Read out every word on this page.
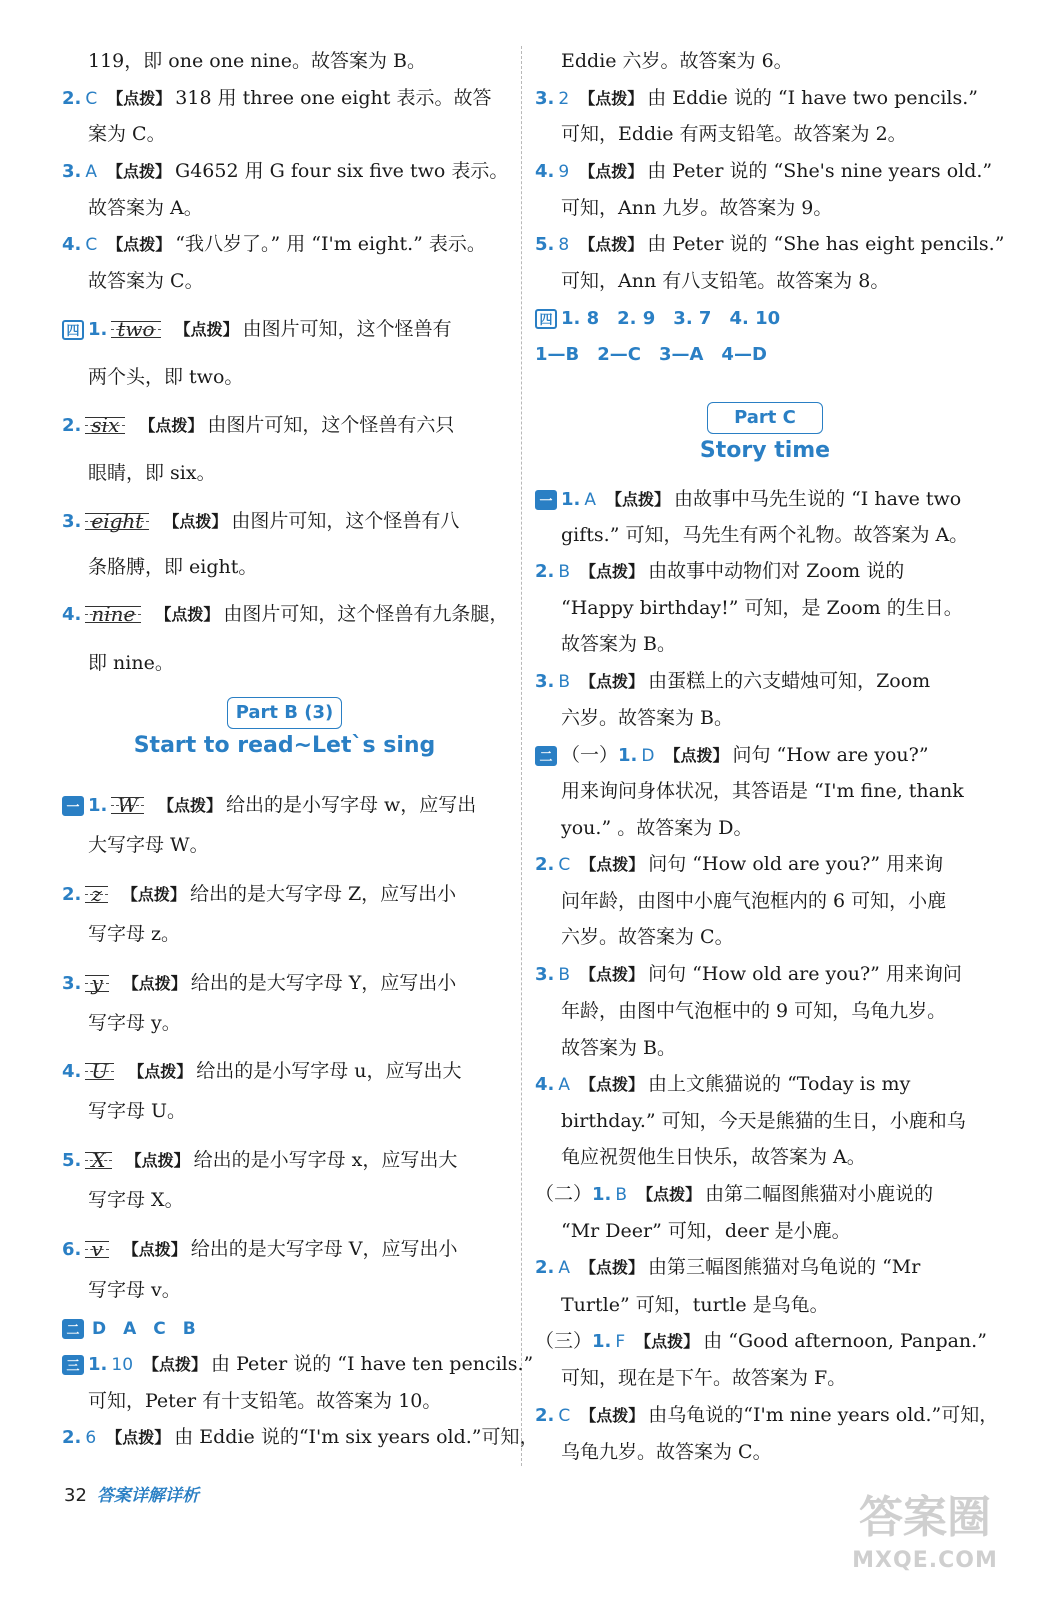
119，即 one one nine。故答案为 B。
2. C 【点拨】 318 用 three one eight 表示。故答
案为 C。
3. A 【点拨】 G4652 用 G four six five two 表示。
故答案为 A。
4. C 【点拨】 “我八岁了。” 用 “I'm eight.” 表示。
故答案为 C。
四 1. two 【点拨】 由图片可知，这个怪兽有
两个头，即 two。
2. six 【点拨】 由图片可知，这个怪兽有六只
眼睛，即 six。
3. eight 【点拨】 由图片可知，这个怪兽有八
条胳膊，即 eight。
4. nine 【点拨】 由图片可知，这个怪兽有九条腿，
即 nine。
Part B (3)
Start to read~Let`s sing
一 1. W 【点拨】 给出的是小写字母 w，应写出
大写字母 W。
2. z 【点拨】 给出的是大写字母 Z，应写出小
写字母 z。
3. y 【点拨】 给出的是大写字母 Y，应写出小
写字母 y。
4. U 【点拨】 给出的是小写字母 u，应写出大
写字母 U。
5. X 【点拨】 给出的是小写字母 x，应写出大
写字母 X。
6. v 【点拨】 给出的是大写字母 V，应写出小
写字母 v。
二 D　A　C　B
三 1. 10 【点拨】 由 Peter 说的 “I have ten pencils.”
可知，Peter 有十支铅笔。故答案为 10。
2. 6 【点拨】 由 Eddie 说的“I'm six years old.”可知，
Eddie 六岁。故答案为 6。
3. 2 【点拨】 由 Eddie 说的 “I have two pencils.”
可知，Eddie 有两支铅笔。故答案为 2。
4. 9 【点拨】 由 Peter 说的 “She's nine years old.”
可知，Ann 九岁。故答案为 9。
5. 8 【点拨】 由 Peter 说的 “She has eight pencils.”
可知，Ann 有八支铅笔。故答案为 8。
四 1. 8　2. 9　3. 7　4. 10
1—B　2—C　3—A　4—D
Part C
Story time
一 1. A 【点拨】 由故事中马先生说的 “I have two
gifts.” 可知，马先生有两个礼物。故答案为 A。
2. B 【点拨】 由故事中动物们对 Zoom 说的
“Happy birthday!” 可知，是 Zoom 的生日。
故答案为 B。
3. B 【点拨】 由蛋糕上的六支蜡烛可知，Zoom
六岁。故答案为 B。
二 （一）1. D 【点拨】 问句 “How are you?”
用来询问身体状况，其答语是 “I'm fine, thank
you.” 。故答案为 D。
2. C 【点拨】 问句 “How old are you?” 用来询
问年龄，由图中小鹿气泡框内的 6 可知，小鹿
六岁。故答案为 C。
3. B 【点拨】 问句 “How old are you?” 用来询问
年龄，由图中气泡框中的 9 可知，乌龟九岁。
故答案为 B。
4. A 【点拨】 由上文熊猫说的 “Today is my
birthday.” 可知，今天是熊猫的生日，小鹿和乌
龟应祝贺他生日快乐，故答案为 A。
（二）1. B 【点拨】 由第二幅图熊猫对小鹿说的
“Mr Deer” 可知，deer 是小鹿。
2. A 【点拨】 由第三幅图熊猫对乌龟说的 “Mr
Turtle” 可知，turtle 是乌龟。
（三）1. F 【点拨】 由 “Good afternoon, Panpan.”
可知，现在是下午。故答案为 F。
2. C 【点拨】 由乌龟说的“I'm nine years old.”可知，
乌龟九岁。故答案为 C。
32 答案详解详析	答案圈
MXQE.COM
